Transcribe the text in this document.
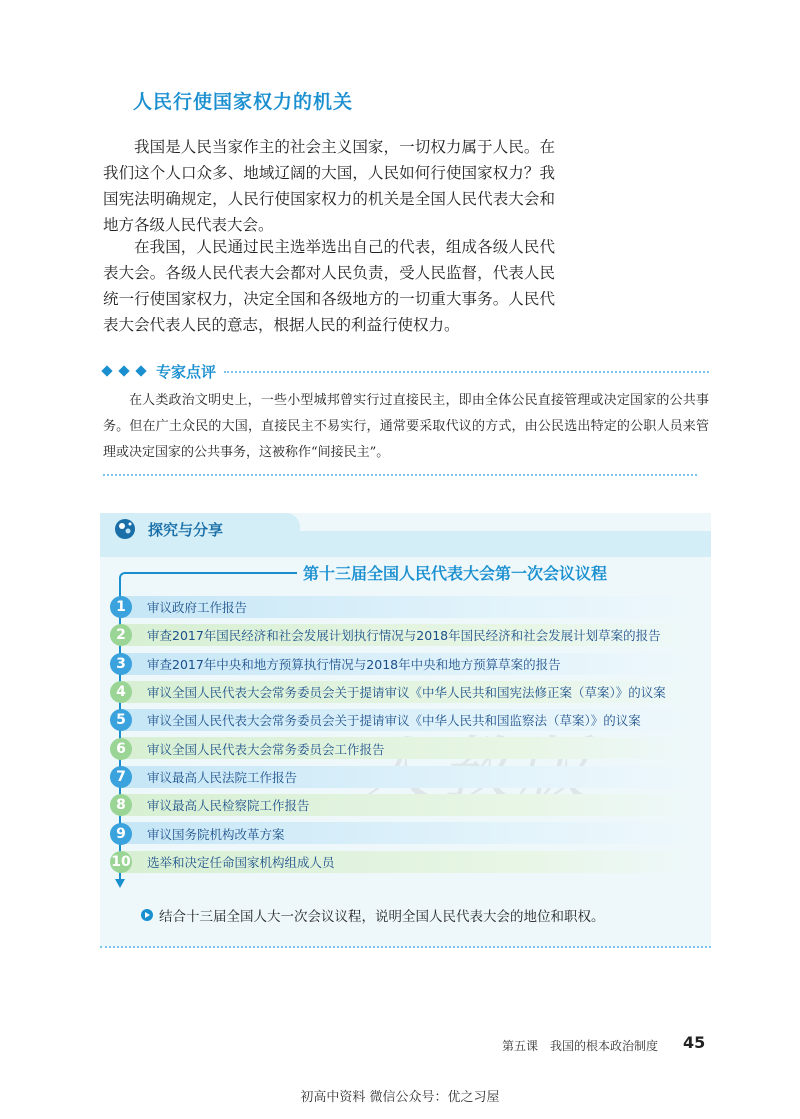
人民行使国家权力的机关

我国是人民当家作主的社会主义国家，一切权力属于人民。在我们这个人口众多、地域辽阔的大国，人民如何行使国家权力？我国宪法明确规定，人民行使国家权力的机关是全国人民代表大会和地方各级人民代表大会。

在我国，人民通过民主选举选出自己的代表，组成各级人民代表大会。各级人民代表大会都对人民负责，受人民监督，代表人民统一行使国家权力，决定全国和各级地方的一切重大事务。人民代表大会代表人民的意志，根据人民的利益行使权力。

专家点评

在人类政治文明史上，一些小型城邦曾实行过直接民主，即由全体公民直接管理或决定国家的公共事务。但在广土众民的大国，直接民主不易实行，通常要采取代议的方式，由公民选出特定的公职人员来管理或决定国家的公共事务，这被称作“间接民主”。

探究与分享
第十三届全国人民代表大会第一次会议议程
1	审议政府工作报告
2	审查2017年国民经济和社会发展计划执行情况与2018年国民经济和社会发展计划草案的报告
3	审查2017年中央和地方预算执行情况与2018年中央和地方预算草案的报告
4	审议全国人民代表大会常务委员会关于提请审议《中华人民共和国宪法修正案（草案）》的议案
5	审议全国人民代表大会常务委员会关于提请审议《中华人民共和国监察法（草案）》的议案
6	审议全国人民代表大会常务委员会工作报告
7	审议最高人民法院工作报告
8	审议最高人民检察院工作报告
9	审议国务院机构改革方案
10 选举和决定任命国家机构组成人员
结合十三届全国人大一次会议议程，说明全国人民代表大会的地位和职权。
第五课　我国的根本政治制度 45
初高中资料 微信公众号：优之习屋
